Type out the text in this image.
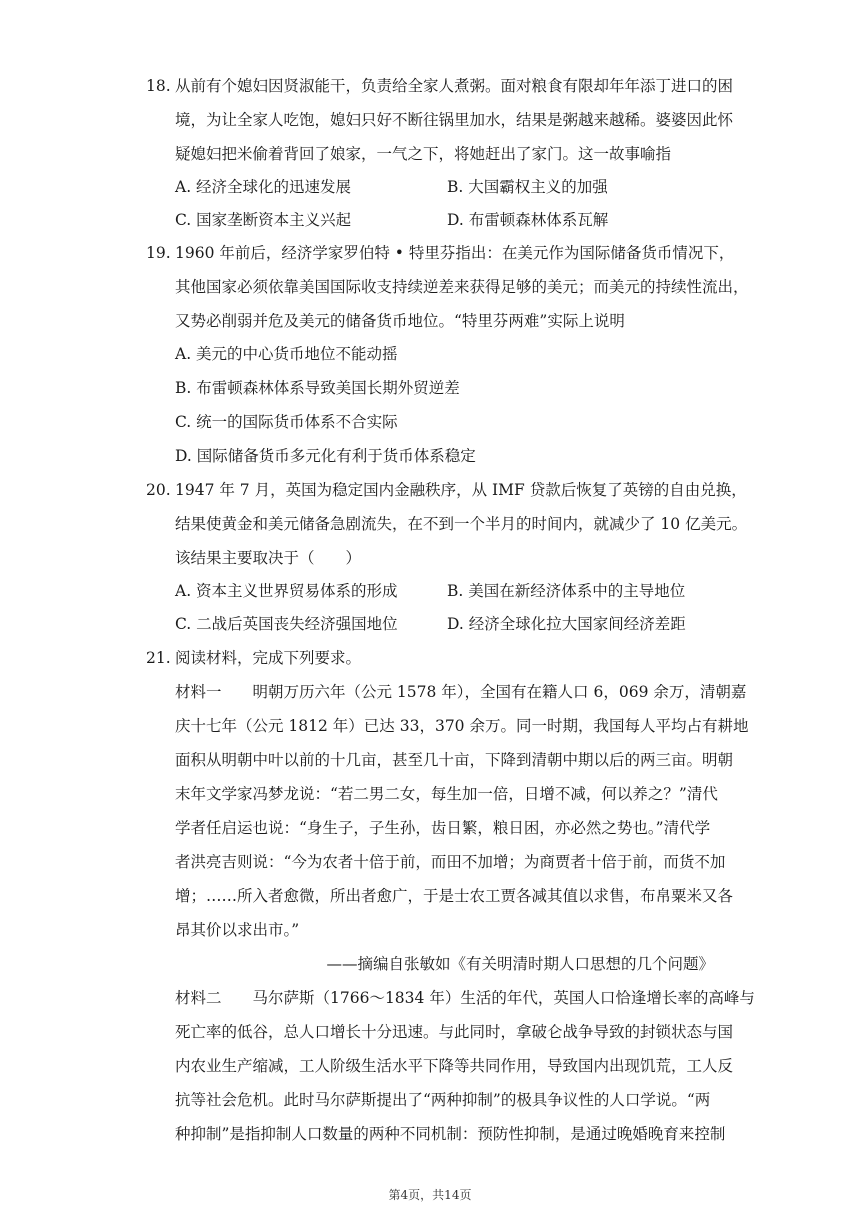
18. 从前有个媳妇因贤淑能干，负责给全家人煮粥。面对粮食有限却年年添丁进口的困
境，为让全家人吃饱，媳妇只好不断往锅里加水，结果是粥越来越稀。婆婆因此怀
疑媳妇把米偷着背回了娘家，一气之下，将她赶出了家门。这一故事喻指
A. 经济全球化的迅速发展	B. 大国霸权主义的加强
C. 国家垄断资本主义兴起	D. 布雷顿森林体系瓦解
19. 1960 年前后，经济学家罗伯特 • 特里芬指出：在美元作为国际储备货币情况下，
其他国家必须依靠美国国际收支持续逆差来获得足够的美元；而美元的持续性流出，
又势必削弱并危及美元的储备货币地位。“特里芬两难”实际上说明
A. 美元的中心货币地位不能动摇
B. 布雷顿森林体系导致美国长期外贸逆差
C. 统一的国际货币体系不合实际
D. 国际储备货币多元化有利于货币体系稳定
20. 1947 年 7 月，英国为稳定国内金融秩序，从 IMF 贷款后恢复了英镑的自由兑换，
结果使黄金和美元储备急剧流失，在不到一个半月的时间内，就减少了 10 亿美元。
该结果主要取决于（　　）
A. 资本主义世界贸易体系的形成	B. 美国在新经济体系中的主导地位
C. 二战后英国丧失经济强国地位	D. 经济全球化拉大国家间经济差距
21. 阅读材料，完成下列要求。
材料一　　明朝万历六年（公元 1578 年），全国有在籍人口 6，069 余万，清朝嘉
庆十七年（公元 1812 年）已达 33，370 余万。同一时期，我国每人平均占有耕地
面积从明朝中叶以前的十几亩，甚至几十亩，下降到清朝中期以后的两三亩。明朝
末年文学家冯梦龙说：“若二男二女，每生加一倍，日增不减，何以养之？”清代
学者任启运也说：“身生子，子生孙，齿日繁，粮日困，亦必然之势也。”清代学
者洪亮吉则说：“今为农者十倍于前，而田不加增；为商贾者十倍于前，而货不加
增；……所入者愈微，所出者愈广，于是士农工贾各减其值以求售，布帛粟米又各
昂其价以求出市。”
——摘编自张敏如《有关明清时期人口思想的几个问题》
材料二　　马尔萨斯（1766～1834 年）生活的年代，英国人口恰逢增长率的高峰与
死亡率的低谷，总人口增长十分迅速。与此同时，拿破仑战争导致的封锁状态与国
内农业生产缩减，工人阶级生活水平下降等共同作用，导致国内出现饥荒，工人反
抗等社会危机。此时马尔萨斯提出了“两种抑制”的极具争议性的人口学说。“两
种抑制”是指抑制人口数量的两种不同机制：预防性抑制，是通过晚婚晚育来控制
第4页，共14页
